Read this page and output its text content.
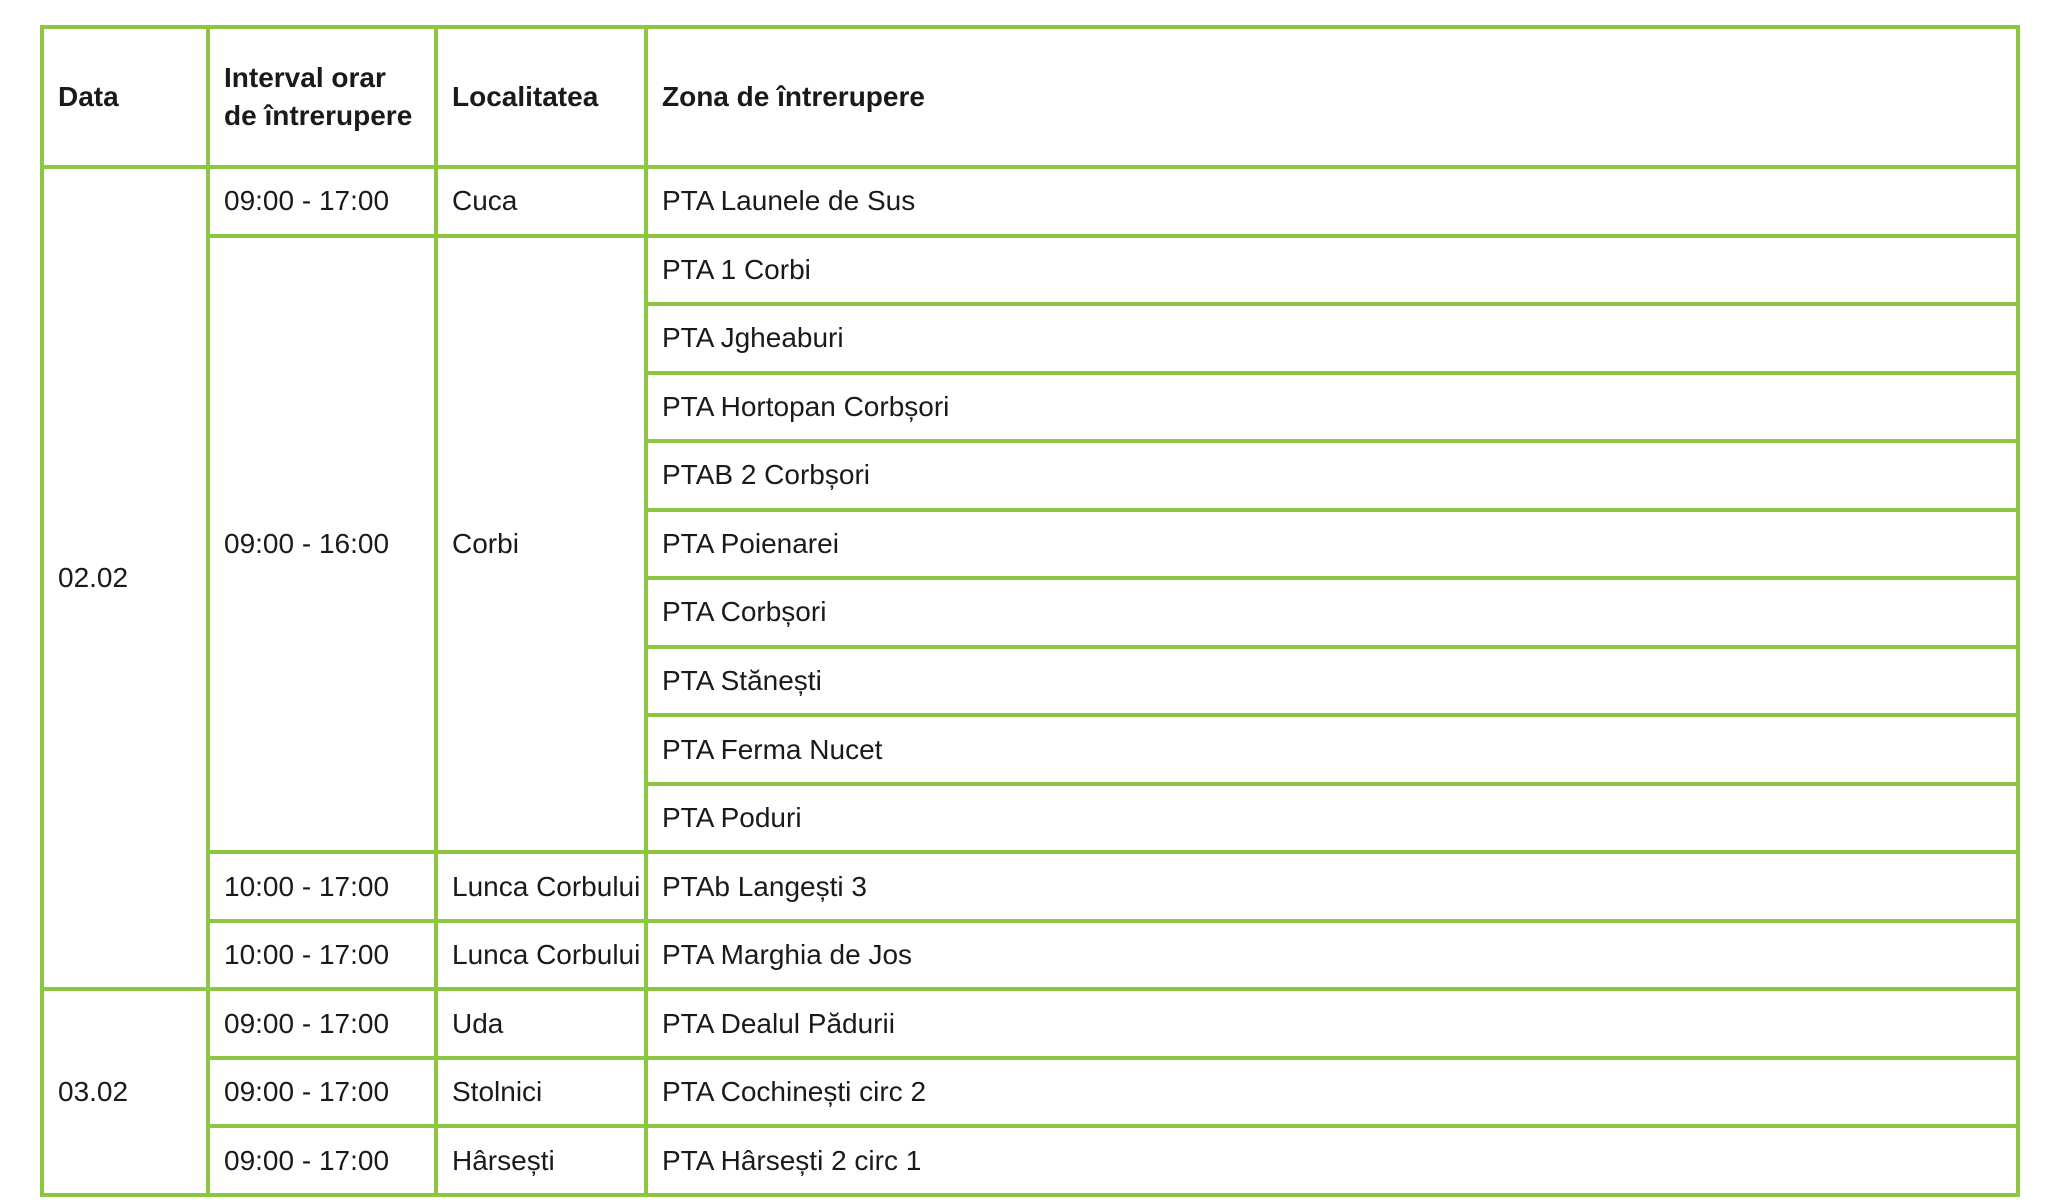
Data	Interval orar de întrerupere	Localitatea	Zona de întrerupere
02.02	09:00 - 17:00	Cuca	PTA Launele de Sus
	09:00 - 16:00	Corbi	PTA 1 Corbi
			PTA Jgheaburi
			PTA Hortopan Corbșori
			PTAB 2 Corbșori
			PTA Poienarei
			PTA Corbșori
			PTA Stănești
			PTA Ferma Nucet
			PTA Poduri
	10:00 - 17:00	Lunca Corbului	PTAb Langești 3
	10:00 - 17:00	Lunca Corbului	PTA Marghia de Jos
03.02	09:00 - 17:00	Uda	PTA Dealul Pădurii
	09:00 - 17:00	Stolnici	PTA Cochinești circ 2
	09:00 - 17:00	Hârsești	PTA Hârsești 2 circ 1
